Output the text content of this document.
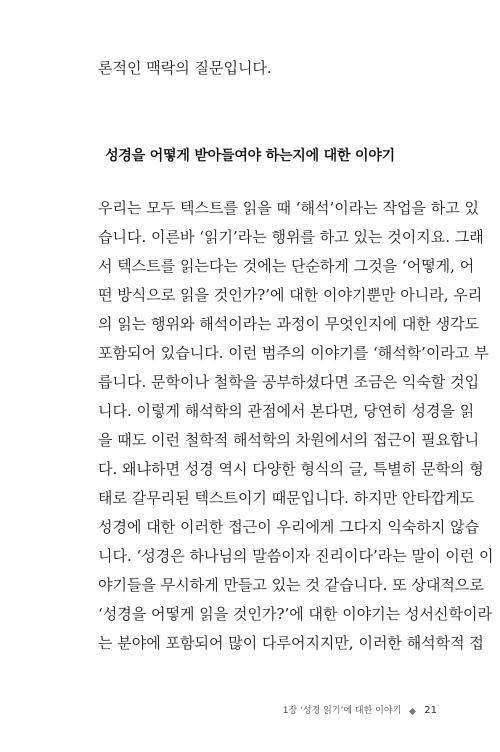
론적인 맥락의 질문입니다.
성경을 어떻게 받아들여야 하는지에 대한 이야기
우리는 모두 텍스트를 읽을 때 ‘해석’이라는 작업을 하고 있
습니다. 이른바 ‘읽기’라는 행위를 하고 있는 것이지요. 그래
서 텍스트를 읽는다는 것에는 단순하게 그것을 ‘어떻게, 어
떤 방식으로 읽을 것인가?’에 대한 이야기뿐만 아니라, 우리
의 읽는 행위와 해석이라는 과정이 무엇인지에 대한 생각도
포함되어 있습니다. 이런 범주의 이야기를 ‘해석학’이라고 부
릅니다. 문학이나 철학을 공부하셨다면 조금은 익숙할 것입
니다. 이렇게 해석학의 관점에서 본다면, 당연히 성경을 읽
을 때도 이런 철학적 해석학의 차원에서의 접근이 필요합니
다. 왜냐하면 성경 역시 다양한 형식의 글, 특별히 문학의 형
태로 갈무리된 텍스트이기 때문입니다. 하지만 안타깝게도
성경에 대한 이러한 접근이 우리에게 그다지 익숙하지 않습
니다. ‘성경은 하나님의 말씀이자 진리이다’라는 말이 이런 이
야기들을 무시하게 만들고 있는 것 같습니다. 또 상대적으로
‘성경을 어떻게 읽을 것인가?’에 대한 이야기는 성서신학이라
는 분야에 포함되어 많이 다루어지지만, 이러한 해석학적 접
1장 ‘성경 읽기’에 대한 이야기 21
